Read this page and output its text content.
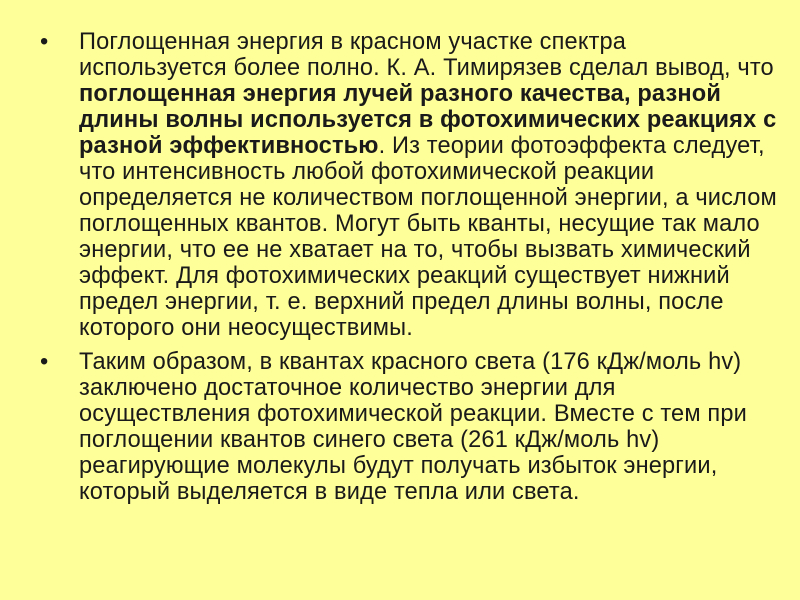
• Поглощенная энергия в красном участке спектра используется более полно. К. А. Тимирязев сделал вывод, что поглощенная энергия лучей разного качества, разной длины волны используется в фотохимических реакциях с разной эффективностью. Из теории фотоэффекта следует, что интенсивность любой фотохимической реакции определяется не количеством поглощенной энергии, а числом поглощенных квантов. Могут быть кванты, несущие так мало энергии, что ее не хватает на то, чтобы вызвать химический эффект. Для фотохимических реакций существует нижний предел энергии, т. е. верхний предел длины волны, после которого они неосуществимы.
• Таким образом, в квантах красного света (176 кДж/моль hv) заключено достаточное количество энергии для осуществления фотохимической реакции. Вместе с тем при поглощении квантов синего света (261 кДж/моль hv) реагирующие молекулы будут получать избыток энергии, который выделяется в виде тепла или света.
